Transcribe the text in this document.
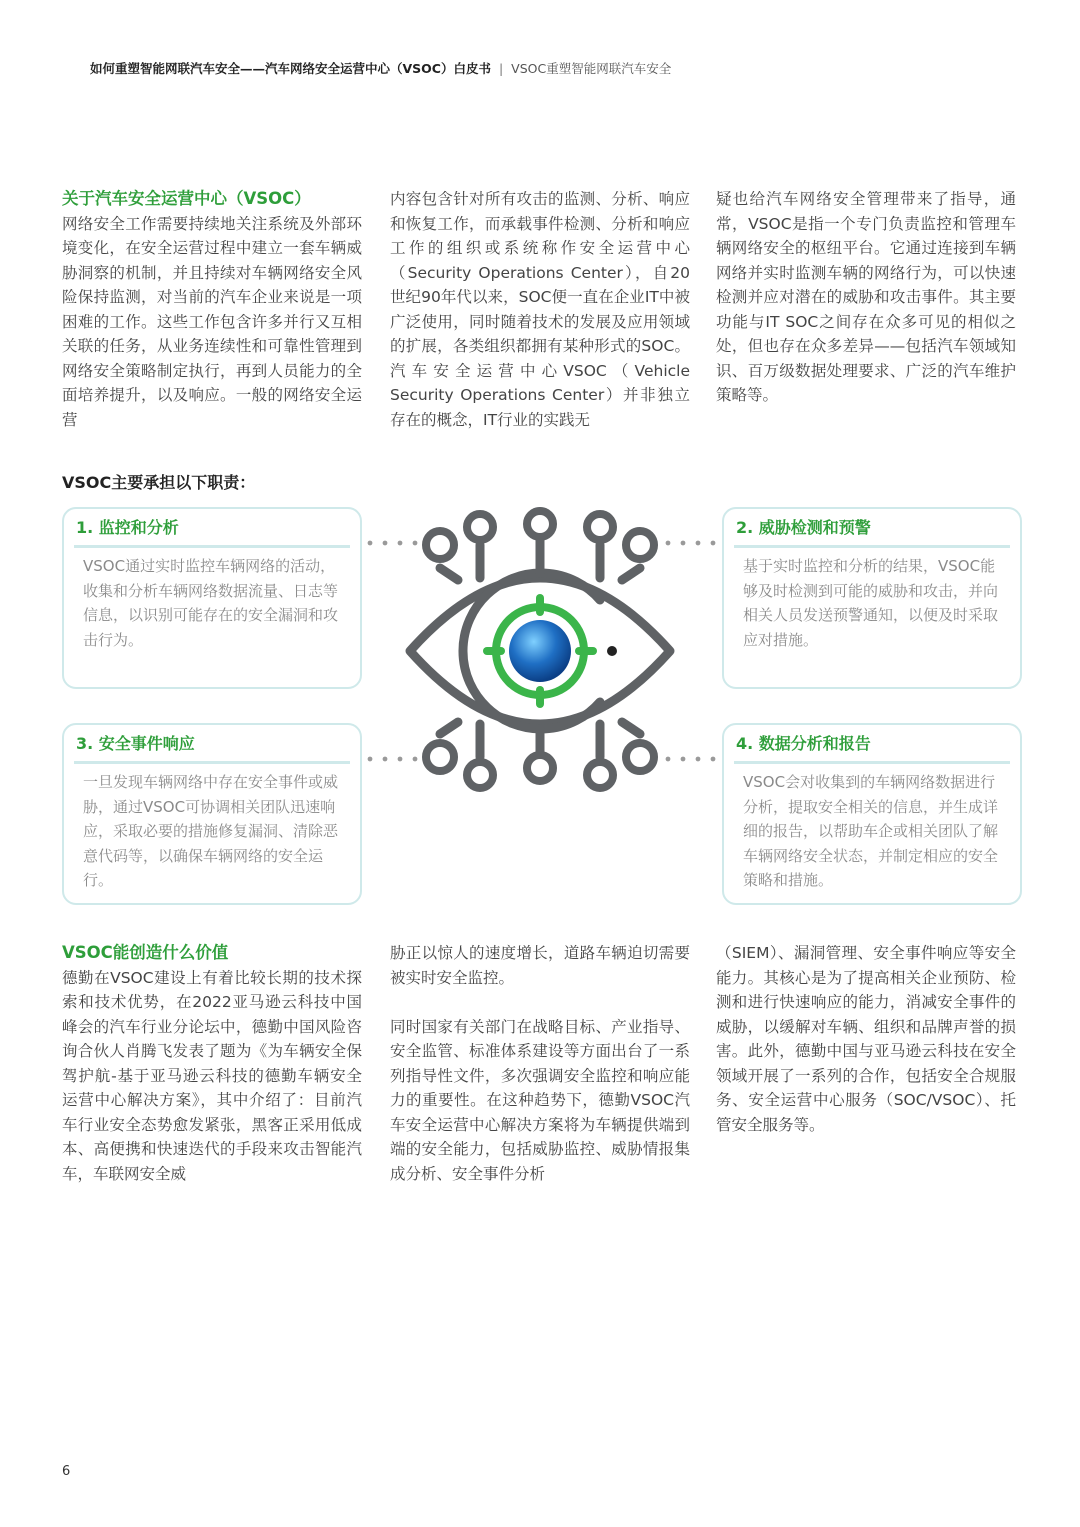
如何重塑智能网联汽车安全——汽车网络安全运营中心（VSOC）白皮书 | VSOC重塑智能网联汽车安全
关于汽车安全运营中心（VSOC）

网络安全工作需要持续地关注系统及外部环境变化，在安全运营过程中建立一套车辆威胁洞察的机制，并且持续对车辆网络安全风险保持监测，对当前的汽车企业来说是一项困难的工作。这些工作包含许多并行又互相关联的任务，从业务连续性和可靠性管理到网络安全策略制定执行，再到人员能力的全面培养提升，以及响应。一般的网络安全运营

内容包含针对所有攻击的监测、分析、响应和恢复工作，而承载事件检测、分析和响应工作的组织或系统称作安全运营中心（Security Operations Center），自20世纪90年代以来，SOC便一直在企业IT中被广泛使用，同时随着技术的发展及应用领域的扩展，各类组织都拥有某种形式的SOC。汽车安全运营中心VSOC（Vehicle Security Operations Center）并非独立存在的概念，IT行业的实践无

疑也给汽车网络安全管理带来了指导，通常，VSOC是指一个专门负责监控和管理车辆网络安全的枢纽平台。它通过连接到车辆网络并实时监测车辆的网络行为，可以快速检测并应对潜在的威胁和攻击事件。其主要功能与IT SOC之间存在众多可见的相似之处，但也存在众多差异——包括汽车领域知识、百万级数据处理要求、广泛的汽车维护策略等。

VSOC主要承担以下职责：
1. 监控和分析
VSOC通过实时监控车辆网络的活动，收集和分析车辆网络数据流量、日志等信息，以识别可能存在的安全漏洞和攻击行为。
2. 威胁检测和预警
基于实时监控和分析的结果，VSOC能够及时检测到可能的威胁和攻击，并向相关人员发送预警通知，以便及时采取应对措施。
3. 安全事件响应
一旦发现车辆网络中存在安全事件或威胁，通过VSOC可协调相关团队迅速响应，采取必要的措施修复漏洞、清除恶意代码等，以确保车辆网络的安全运行。
4. 数据分析和报告
VSOC会对收集到的车辆网络数据进行分析，提取安全相关的信息，并生成详细的报告，以帮助车企或相关团队了解车辆网络安全状态，并制定相应的安全策略和措施。
VSOC能创造什么价值

德勤在VSOC建设上有着比较长期的技术探索和技术优势，在2022亚马逊云科技中国峰会的汽车行业分论坛中，德勤中国风险咨询合伙人肖腾飞发表了题为《为车辆安全保驾护航-基于亚马逊云科技的德勤车辆安全运营中心解决方案》，其中介绍了：目前汽车行业安全态势愈发紧张，黑客正采用低成本、高便携和快速迭代的手段来攻击智能汽车，车联网安全威

胁正以惊人的速度增长，道路车辆迫切需要被实时安全监控。

同时国家有关部门在战略目标、产业指导、安全监管、标准体系建设等方面出台了一系列指导性文件，多次强调安全监控和响应能力的重要性。在这种趋势下，德勤VSOC汽车安全运营中心解决方案将为车辆提供端到端的安全能力，包括威胁监控、威胁情报集成分析、安全事件分析

（SIEM）、漏洞管理、安全事件响应等安全能力。其核心是为了提高相关企业预防、检测和进行快速响应的能力，消减安全事件的威胁，以缓解对车辆、组织和品牌声誉的损害。此外，德勤中国与亚马逊云科技在安全领域开展了一系列的合作，包括安全合规服务、安全运营中心服务（SOC/VSOC）、托管安全服务等。

6
